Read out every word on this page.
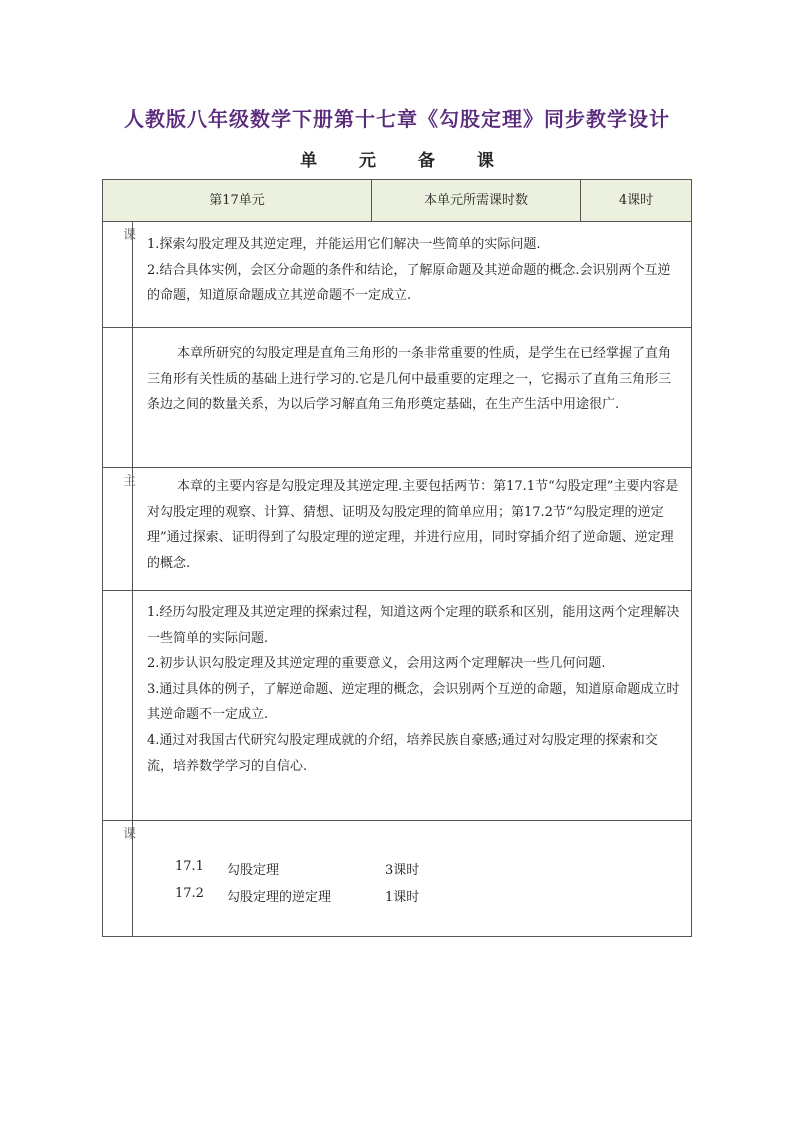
人教版八年级数学下册第十七章《勾股定理》同步教学设计
单 元 备 课
第17单元	本单元所需课时数	4课时
课

1.探索勾股定理及其逆定理，并能运用它们解决一些简单的实际问题.

2.结合具体实例，会区分命题的条件和结论，了解原命题及其逆命题的概念.会识别两个互逆的命题，知道原命题成立其逆命题不一定成立.

本章所研究的勾股定理是直角三角形的一条非常重要的性质，是学生在已经掌握了直角三角形有关性质的基础上进行学习的.它是几何中最重要的定理之一，它揭示了直角三角形三条边之间的数量关系，为以后学习解直角三角形奠定基础，在生产生活中用途很广.

主	本章的主要内容是勾股定理及其逆定理.主要包括两节：第17.1节“勾股定理”主要内容是对勾股定理的观察、计算、猜想、证明及勾股定理的简单应用；第17.2节“勾股定理的逆定理”通过探索、证明得到了勾股定理的逆定理，并进行应用，同时穿插介绍了逆命题、逆定理的概念.

1.经历勾股定理及其逆定理的探索过程，知道这两个定理的联系和区别，能用这两个定理解决一些简单的实际问题.

2.初步认识勾股定理及其逆定理的重要意义，会用这两个定理解决一些几何问题.

3.通过具体的例子，了解逆命题、逆定理的概念，会识别两个互逆的命题，知道原命题成立时其逆命题不一定成立.

4.通过对我国古代研究勾股定理成就的介绍，培养民族自豪感;通过对勾股定理的探索和交流，培养数学学习的自信心.

课
17.1 勾股定理	3课时
17.2 勾股定理的逆定理	1课时
